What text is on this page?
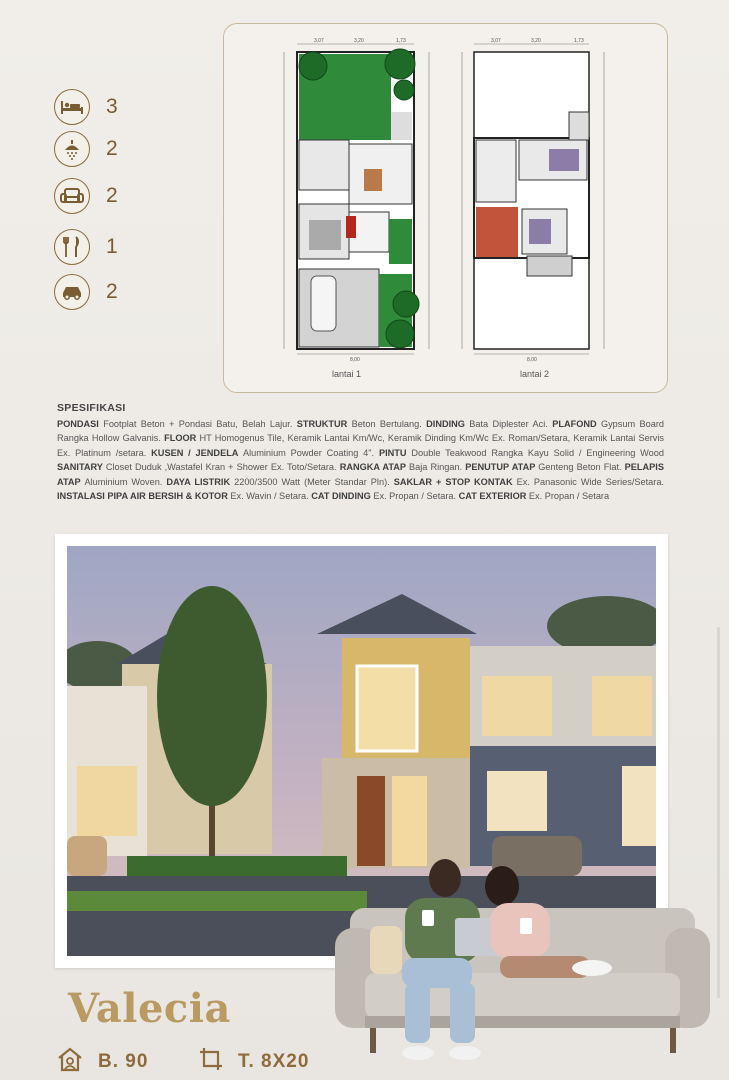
3
2
2
1
2
3,07	3,20	1,73
8,00
3,07	3,20	1,73
8,00
lantai 1	lantai 2
SPESIFIKASI
PONDASI Footplat Beton + Pondasi Batu, Belah Lajur. STRUKTUR Beton Bertulang. DINDING Bata Diplester Aci. PLAFOND Gypsum Board Rangka Hollow Galvanis. FLOOR HT Homogenus Tile, Keramik Lantai Km/Wc, Keramik Dinding Km/Wc Ex. Roman/Setara, Keramik Lantai Servis Ex. Platinum /setara. KUSEN / JENDELA Aluminium Powder Coating 4". PINTU Double Teakwood Rangka Kayu Solid / Engineering Wood SANITARY Closet Duduk ,Wastafel Kran + Shower Ex. Toto/Setara. RANGKA ATAP Baja Ringan. PENUTUP ATAP Genteng Beton Flat. PELAPIS ATAP Aluminium Woven. DAYA LISTRIK 2200/3500 Watt (Meter Standar Pln). SAKLAR + STOP KONTAK Ex. Panasonic Wide Series/Setara. INSTALASI PIPA AIR BERSIH & KOTOR Ex. Wavin / Setara. CAT DINDING Ex. Propan / Setara. CAT EXTERIOR Ex. Propan / Setara
Valecia
B. 90	T. 8X20
